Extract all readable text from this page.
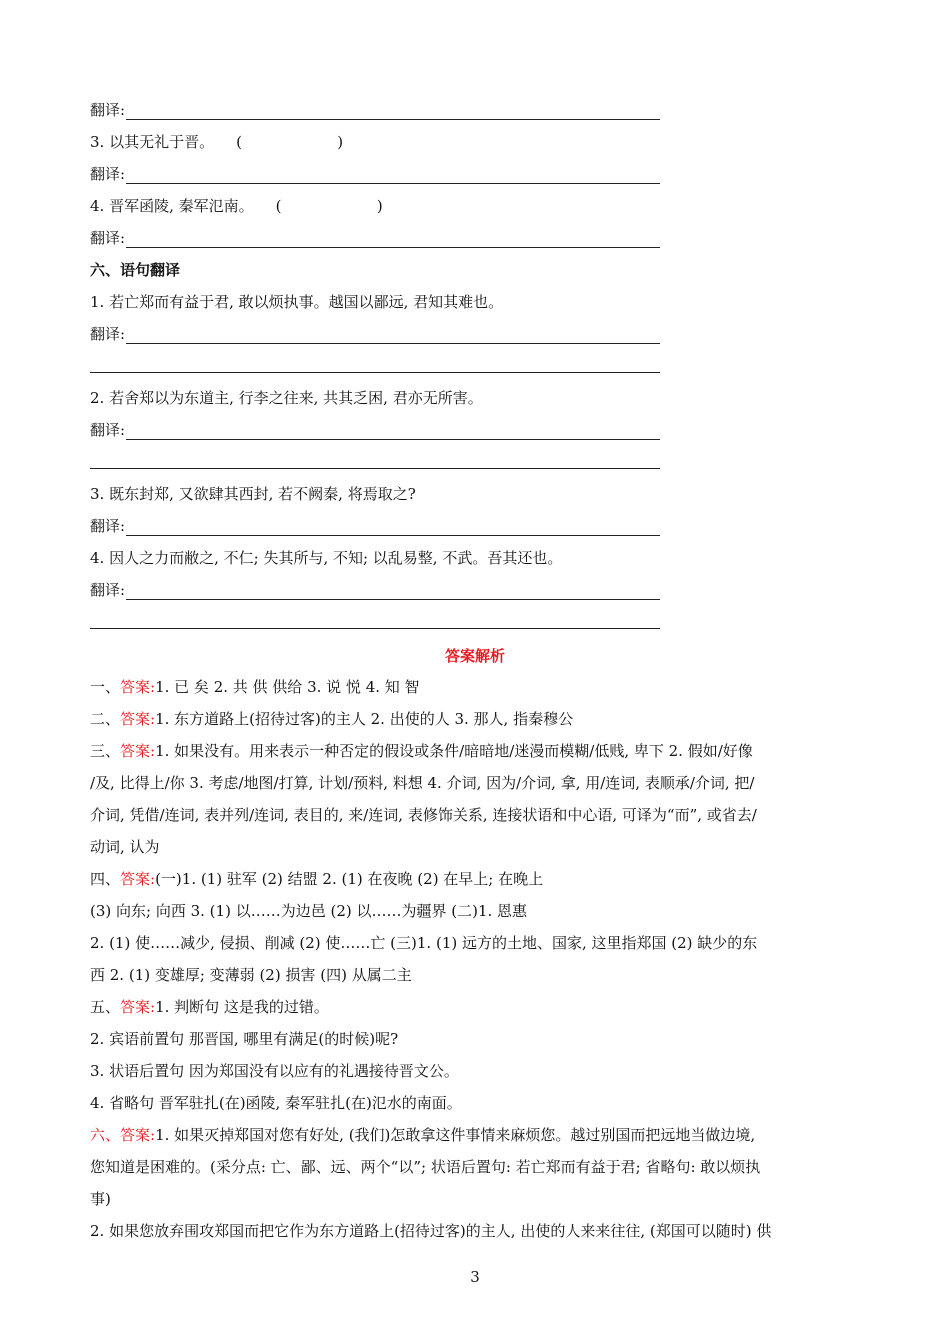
翻译:
3. 以其无礼于晋。 (                    )
翻译:
4. 晋军函陵, 秦军氾南。 (                    )
翻译:
六、语句翻译
1. 若亡郑而有益于君, 敢以烦执事。越国以鄙远, 君知其难也。
翻译:
2. 若舍郑以为东道主, 行李之往来, 共其乏困, 君亦无所害。
翻译:
3. 既东封郑, 又欲肆其西封, 若不阙秦, 将焉取之?
翻译:
4. 因人之力而敝之, 不仁; 失其所与, 不知; 以乱易整, 不武。吾其还也。
翻译:
答案解析
一、答案:1. 已 矣 2. 共 供 供给 3. 说 悦 4. 知 智
二、答案:1. 东方道路上(招待过客)的主人 2. 出使的人 3. 那人, 指秦穆公
三、答案:1. 如果没有。用来表示一种否定的假设或条件/暗暗地/迷漫而模糊/低贱, 卑下 2. 假如/好像
/及, 比得上/你 3. 考虑/地图/打算, 计划/预料, 料想 4. 介词, 因为/介词, 拿, 用/连词, 表顺承/介词, 把/
介词, 凭借/连词, 表并列/连词, 表目的, 来/连词, 表修饰关系, 连接状语和中心语, 可译为“而”, 或省去/
动词, 认为
四、答案:(一)1. (1) 驻军 (2) 结盟 2. (1) 在夜晚 (2) 在早上; 在晚上
(3) 向东; 向西 3. (1) 以……为边邑 (2) 以……为疆界 (二)1. 恩惠
2. (1) 使……减少, 侵损、削减 (2) 使……亡 (三)1. (1) 远方的土地、国家, 这里指郑国 (2) 缺少的东
西 2. (1) 变雄厚; 变薄弱 (2) 损害 (四) 从属二主
五、答案:1. 判断句 这是我的过错。
2. 宾语前置句 那晋国, 哪里有满足(的时候)呢?
3. 状语后置句 因为郑国没有以应有的礼遇接待晋文公。
4. 省略句 晋军驻扎(在)函陵, 秦军驻扎(在)氾水的南面。
六、答案:1. 如果灭掉郑国对您有好处, (我们)怎敢拿这件事情来麻烦您。越过别国而把远地当做边境,
您知道是困难的。(采分点: 亡、鄙、远、两个“以”; 状语后置句: 若亡郑而有益于君; 省略句: 敢以烦执
事)
2. 如果您放弃围攻郑国而把它作为东方道路上(招待过客)的主人, 出使的人来来往往, (郑国可以随时) 供
3
